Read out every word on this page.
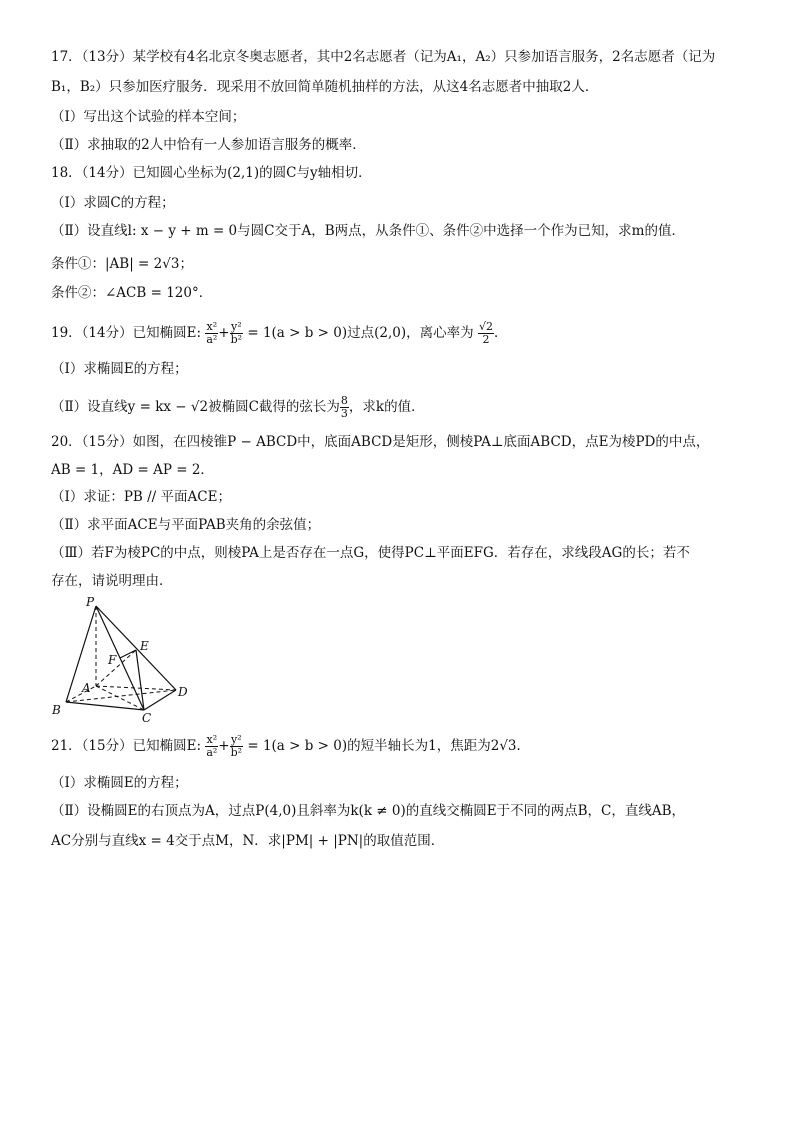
17．（13分）某学校有4名北京冬奥志愿者，其中2名志愿者（记为A₁，A₂）只参加语言服务，2名志愿者（记为
B₁，B₂）只参加医疗服务．现采用不放回简单随机抽样的方法，从这4名志愿者中抽取2人．
（Ⅰ）写出这个试验的样本空间；
（Ⅱ）求抽取的2人中恰有一人参加语言服务的概率．
18．（14分）已知圆心坐标为(2,1)的圆C与y轴相切．
（Ⅰ）求圆C的方程；
（Ⅱ）设直线l: x − y + m = 0与圆C交于A，B两点，从条件①、条件②中选择一个作为已知，求m的值．
条件①：|AB| = 2√3；
条件②：∠ACB = 120°．
19．（14分）已知椭圆E: $\frac{\text{x²}}{\text{a²}} + \frac{\text{y²}}{\text{b²}} = 1(a > b > 0)$过点(2,0)，离心率为 $\frac{√2}{2}$ ．
（Ⅰ）求椭圆E的方程；
（Ⅱ）设直线y = kx − √2被椭圆C截得的弦长为 $\frac{8}{3}$ ，求k的值．
20．（15分）如图，在四棱锥P − ABCD中，底面ABCD是矩形，侧棱PA⊥底面ABCD，点E为棱PD的中点，
AB = 1，AD = AP = 2．
（Ⅰ）求证：PB // 平面ACE；
（Ⅱ）求平面ACE与平面PAB夹角的余弦值；
（Ⅲ）若F为棱PC的中点，则棱PA上是否存在一点G，使得PC⊥平面EFG．若存在，求线段AG的长；若不
存在，请说明理由．
P
E
F
A
B
C
D
21．（15分）已知椭圆E: $\frac{\text{x²}}{\text{a²}} + \frac{\text{y²}}{\text{b²}} = 1(a > b > 0)$的短半轴长为1，焦距为2√3．
（Ⅰ）求椭圆E的方程；
（Ⅱ）设椭圆E的右顶点为A，过点P(4,0)且斜率为k(k ≠ 0)的直线交椭圆E于不同的两点B，C，直线AB，
AC分别与直线x = 4交于点M，N．求|PM| + |PN|的取值范围．
